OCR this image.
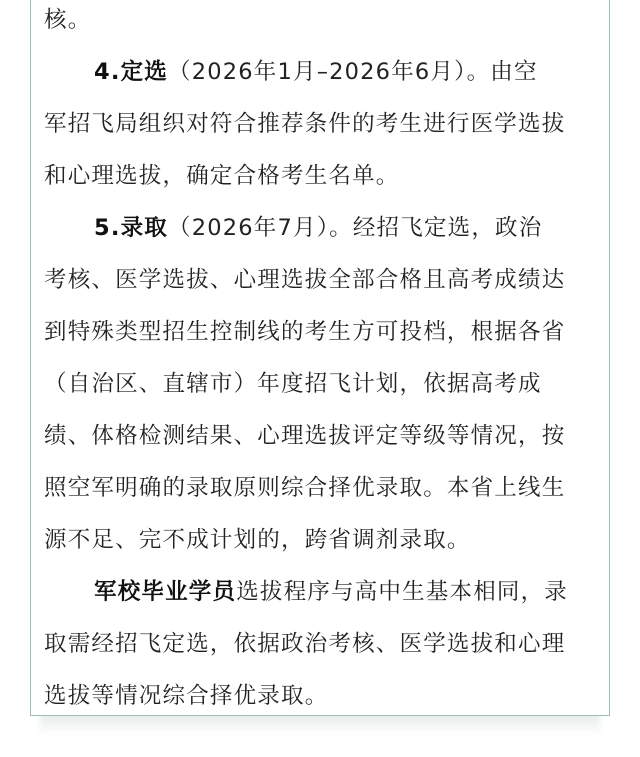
核。
4.定选（2026年1月–2026年6月）。由空
军招飞局组织对符合推荐条件的考生进行医学选拔
和心理选拔，确定合格考生名单。
5.录取（2026年7月）。经招飞定选，政治
考核、医学选拔、心理选拔全部合格且高考成绩达
到特殊类型招生控制线的考生方可投档，根据各省
（自治区、直辖市）年度招飞计划，依据高考成
绩、体格检测结果、心理选拔评定等级等情况，按
照空军明确的录取原则综合择优录取。本省上线生
源不足、完不成计划的，跨省调剂录取。
军校毕业学员选拔程序与高中生基本相同，录
取需经招飞定选，依据政治考核、医学选拔和心理
选拔等情况综合择优录取。
